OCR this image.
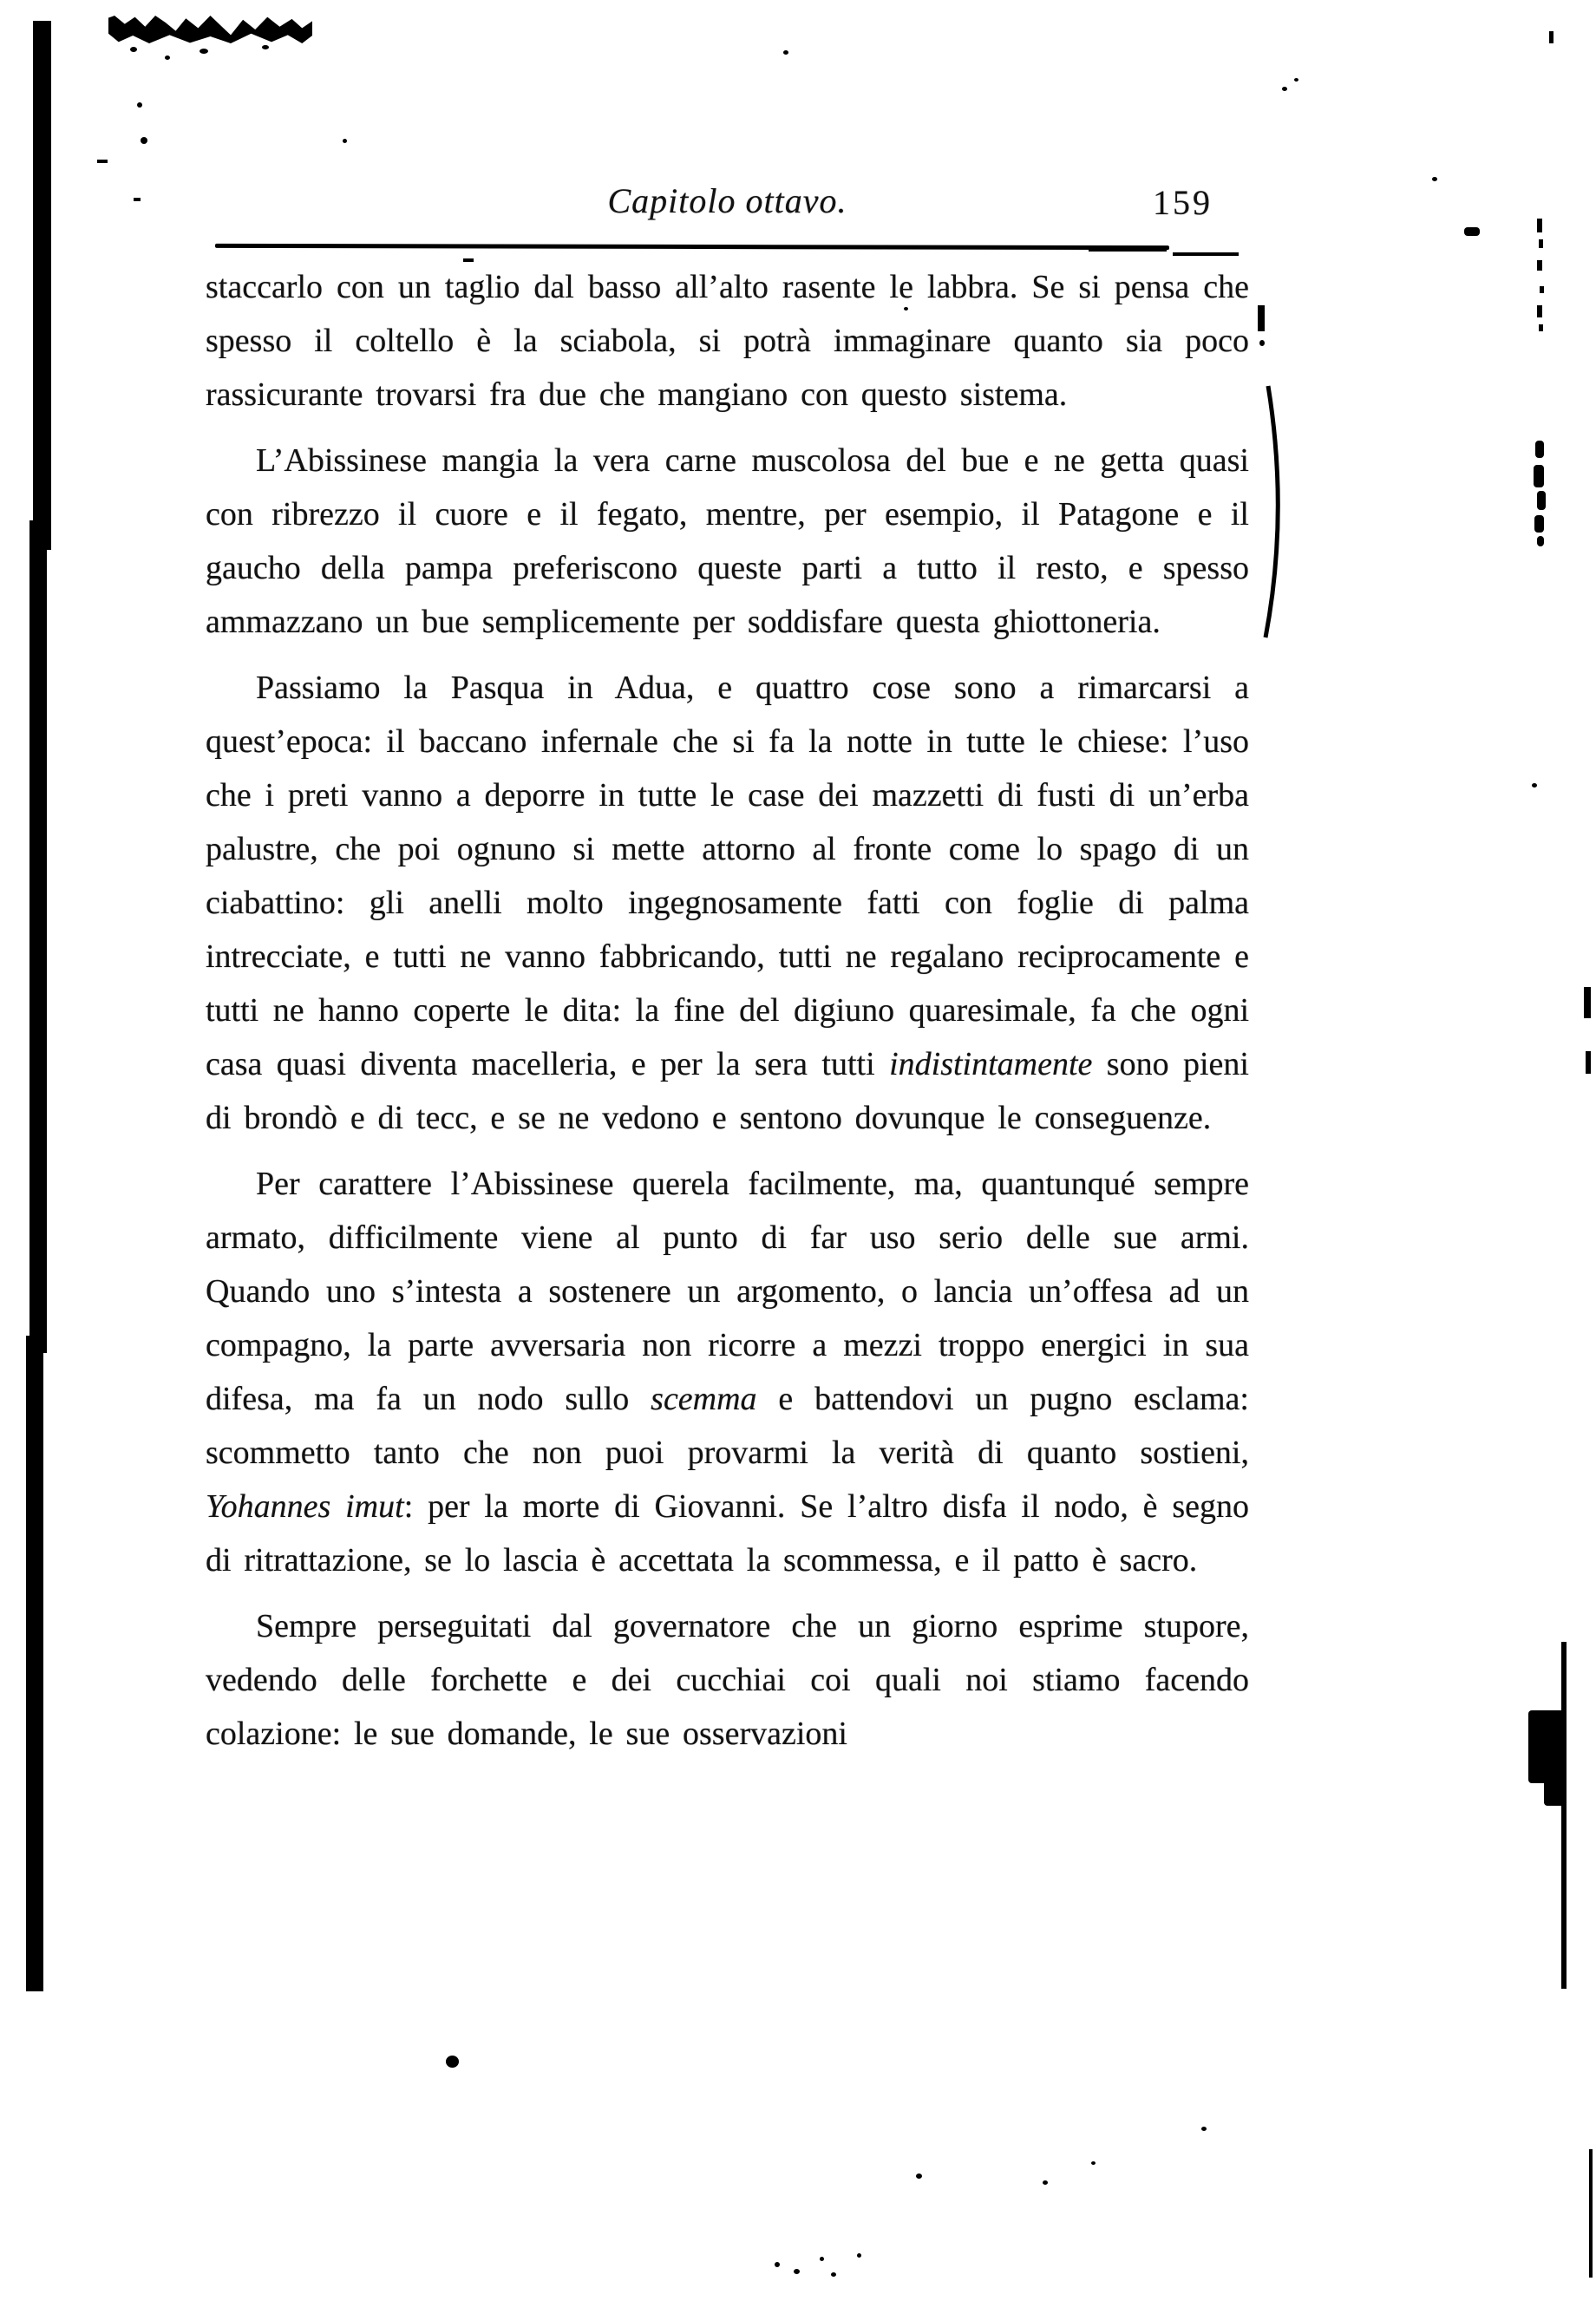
Capitolo ottavo.	159

staccarlo con un taglio dal basso all’alto rasente le labbra. Se si pensa che spesso il coltello è la sciabola, si potrà immaginare quanto sia poco rassicurante trovarsi fra due che mangiano con questo sistema.

L’Abissinese mangia la vera carne muscolosa del bue e ne getta quasi con ribrezzo il cuore e il fegato, mentre, per esempio, il Patagone e il gaucho della pampa preferiscono queste parti a tutto il resto, e spesso ammazzano un bue semplicemente per soddisfare questa ghiottoneria.

Passiamo la Pasqua in Adua, e quattro cose sono a rimarcarsi a quest’epoca: il baccano infernale che si fa la notte in tutte le chiese: l’uso che i preti vanno a deporre in tutte le case dei mazzetti di fusti di un’erba palustre, che poi ognuno si mette attorno al fronte come lo spago di un ciabattino: gli anelli molto ingegnosamente fatti con foglie di palma intrecciate, e tutti ne vanno fabbricando, tutti ne regalano reciprocamente e tutti ne hanno coperte le dita: la fine del digiuno quaresimale, fa che ogni casa quasi diventa macelleria, e per la sera tutti indistintamente sono pieni di brondò e di tecc, e se ne vedono e sentono dovunque le conseguenze.

Per carattere l’Abissinese querela facilmente, ma, quantunqué sempre armato, difficilmente viene al punto di far uso serio delle sue armi. Quando uno s’intesta a sostenere un argomento, o lancia un’offesa ad un compagno, la parte avversaria non ricorre a mezzi troppo energici in sua difesa, ma fa un nodo sullo scemma e battendovi un pugno esclama: scommetto tanto che non puoi provarmi la verità di quanto sostieni, Yohannes imut: per la morte di Giovanni. Se l’altro disfa il nodo, è segno di ritrattazione, se lo lascia è accettata la scommessa, e il patto è sacro.

Sempre perseguitati dal governatore che un giorno esprime stupore, vedendo delle forchette e dei cucchiai coi quali noi stiamo facendo colazione: le sue domande, le sue osservazioni
